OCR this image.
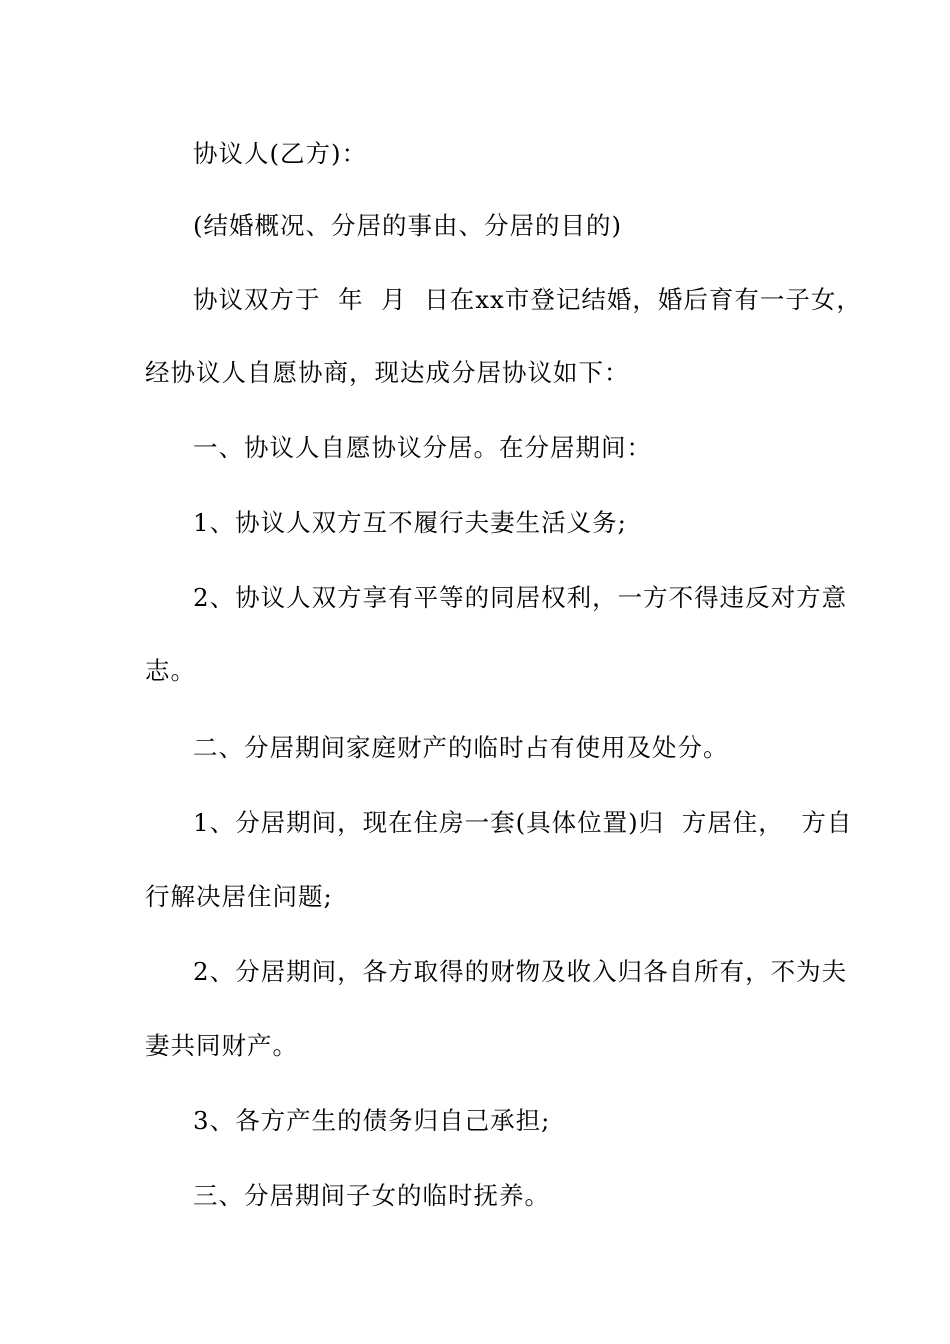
协议人(乙方)：
(结婚概况、分居的事由、分居的目的)
协议双方于  年  月  日在xx市登记结婚，婚后育有一子女，
经协议人自愿协商，现达成分居协议如下：
一、协议人自愿协议分居。在分居期间：
1、协议人双方互不履行夫妻生活义务;
2、协议人双方享有平等的同居权利，一方不得违反对方意
志。
二、分居期间家庭财产的临时占有使用及处分。
1、分居期间，现在住房一套(具体位置)归  方居住，  方自
行解决居住问题;
2、分居期间，各方取得的财物及收入归各自所有，不为夫
妻共同财产。
3、各方产生的债务归自己承担;
三、分居期间子女的临时抚养。
